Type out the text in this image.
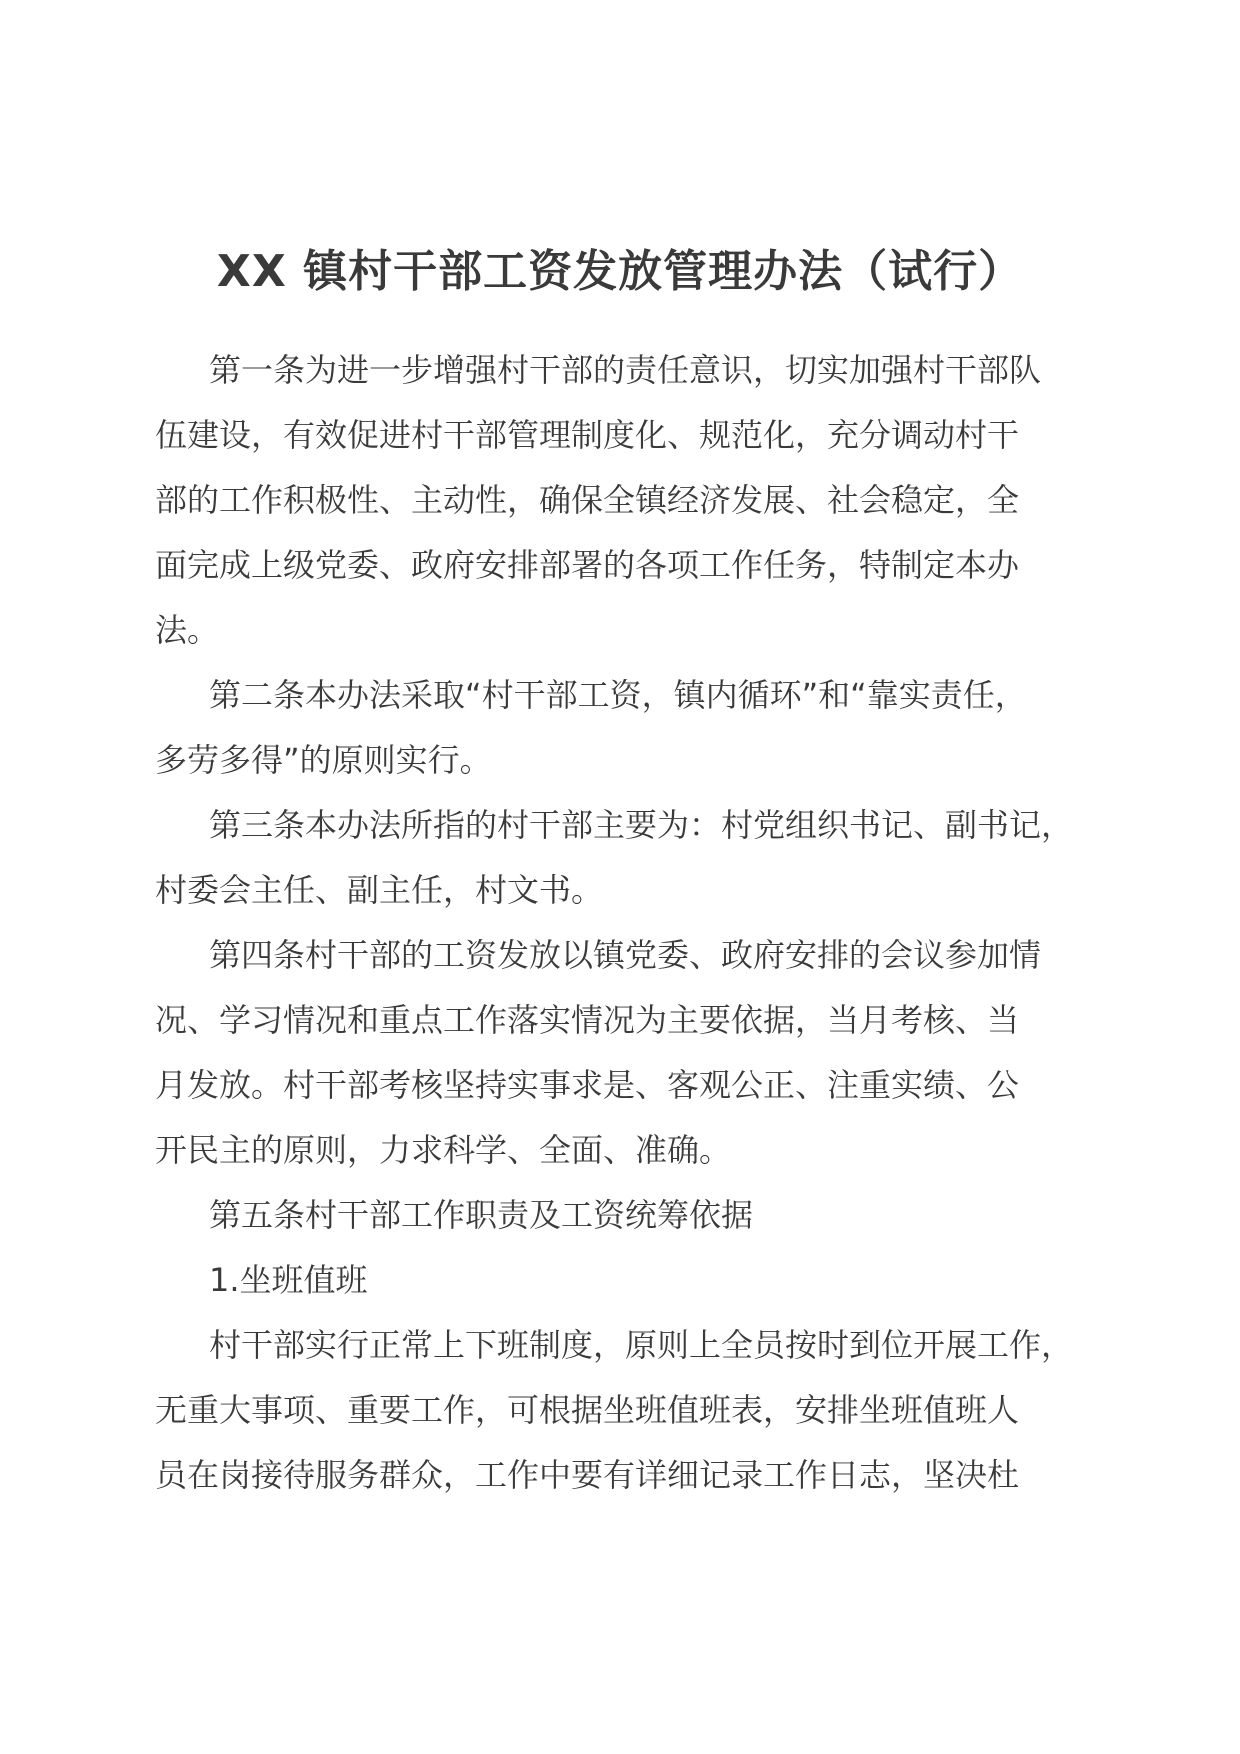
XX 镇村干部工资发放管理办法（试行）
第一条为进一步增强村干部的责任意识，切实加强村干部队
伍建设，有效促进村干部管理制度化、规范化，充分调动村干
部的工作积极性、主动性，确保全镇经济发展、社会稳定，全
面完成上级党委、政府安排部署的各项工作任务，特制定本办
法。
第二条本办法采取“村干部工资，镇内循环”和“靠实责任，
多劳多得”的原则实行。
第三条本办法所指的村干部主要为：村党组织书记、副书记，
村委会主任、副主任，村文书。
第四条村干部的工资发放以镇党委、政府安排的会议参加情
况、学习情况和重点工作落实情况为主要依据，当月考核、当
月发放。村干部考核坚持实事求是、客观公正、注重实绩、公
开民主的原则，力求科学、全面、准确。
第五条村干部工作职责及工资统筹依据
1.坐班值班
村干部实行正常上下班制度，原则上全员按时到位开展工作，
无重大事项、重要工作，可根据坐班值班表，安排坐班值班人
员在岗接待服务群众，工作中要有详细记录工作日志，坚决杜
